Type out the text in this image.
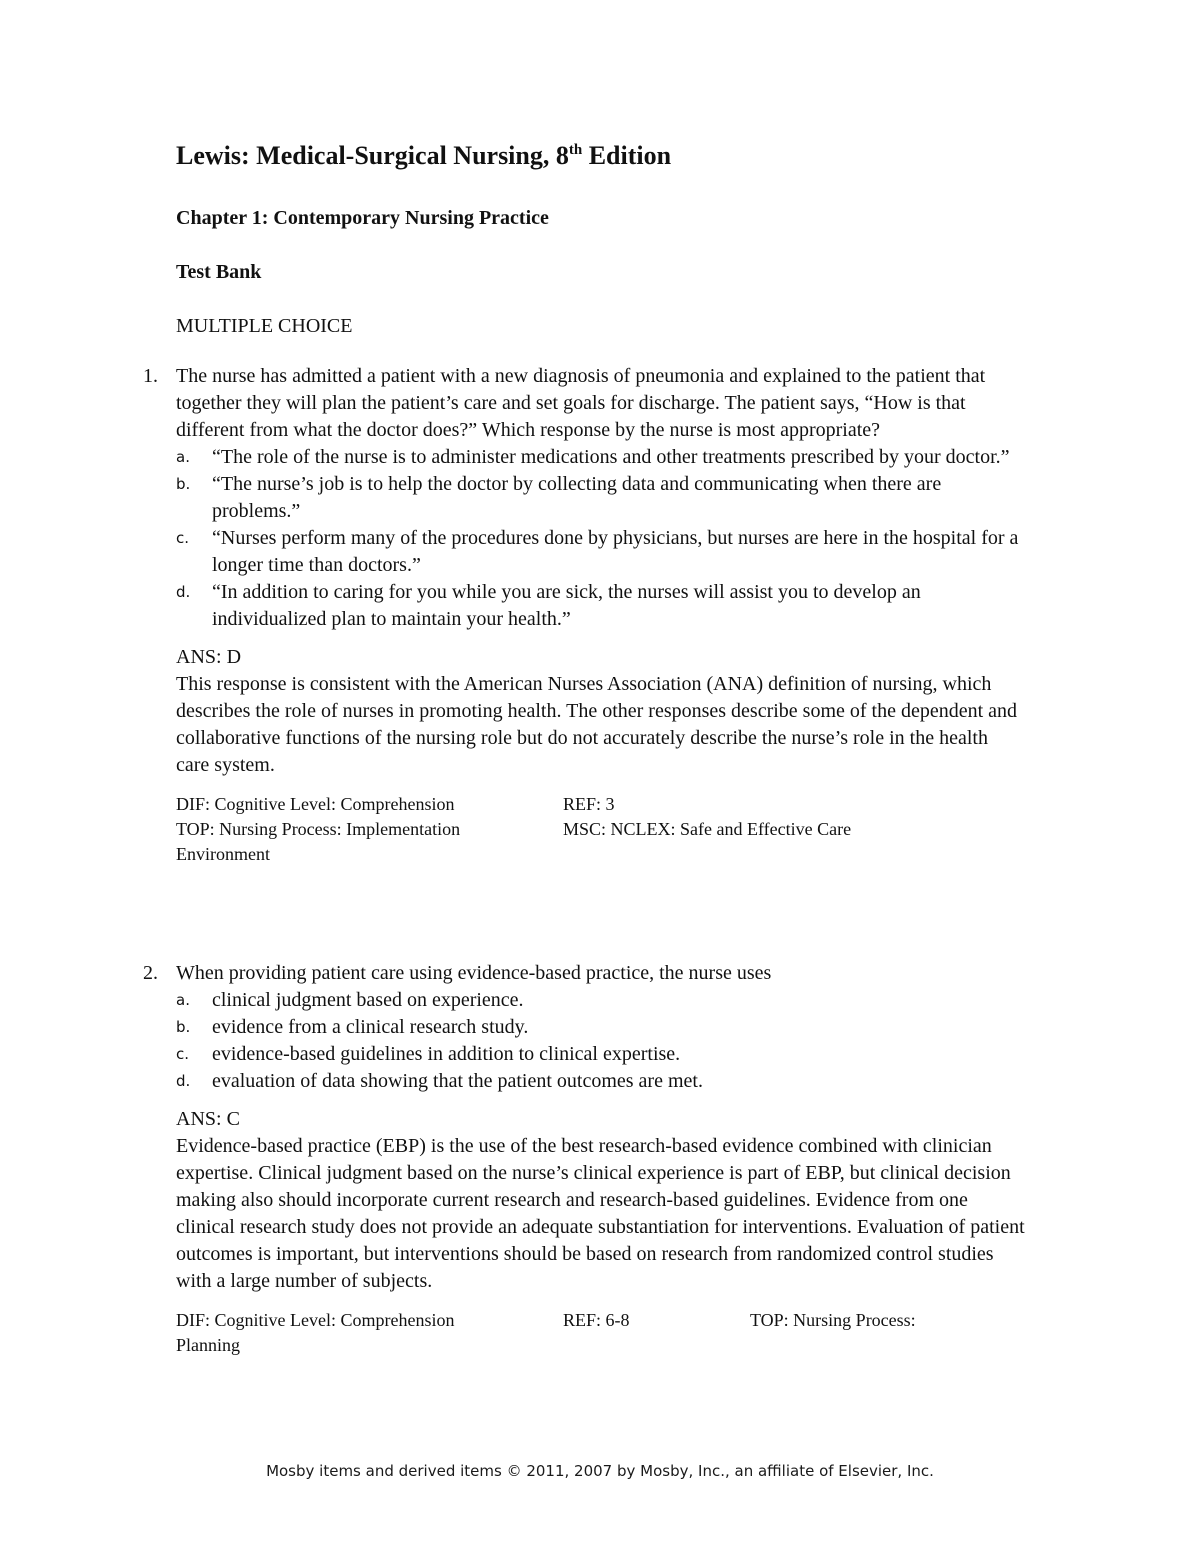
Lewis: Medical-Surgical Nursing, 8th Edition
Chapter 1: Contemporary Nursing Practice
Test Bank
MULTIPLE CHOICE
1. The nurse has admitted a patient with a new diagnosis of pneumonia and explained to the patient that together they will plan the patient’s care and set goals for discharge. The patient says, “How is that different from what the doctor does?” Which response by the nurse is most appropriate?
a. “The role of the nurse is to administer medications and other treatments prescribed by your doctor.”
b. “The nurse’s job is to help the doctor by collecting data and communicating when there are problems.”
c. “Nurses perform many of the procedures done by physicians, but nurses are here in the hospital for a longer time than doctors.”
d. “In addition to caring for you while you are sick, the nurses will assist you to develop an individualized plan to maintain your health.”
ANS: D
This response is consistent with the American Nurses Association (ANA) definition of nursing, which describes the role of nurses in promoting health. The other responses describe some of the dependent and collaborative functions of the nursing role but do not accurately describe the nurse’s role in the health care system.
DIF: Cognitive Level: Comprehension	REF: 3
TOP: Nursing Process: Implementation	MSC: NCLEX: Safe and Effective Care
Environment
2. When providing patient care using evidence-based practice, the nurse uses
a. clinical judgment based on experience.
b. evidence from a clinical research study.
c. evidence-based guidelines in addition to clinical expertise.
d. evaluation of data showing that the patient outcomes are met.
ANS: C
Evidence-based practice (EBP) is the use of the best research-based evidence combined with clinician expertise. Clinical judgment based on the nurse’s clinical experience is part of EBP, but clinical decision making also should incorporate current research and research-based guidelines. Evidence from one clinical research study does not provide an adequate substantiation for interventions. Evaluation of patient outcomes is important, but interventions should be based on research from randomized control studies with a large number of subjects.
DIF: Cognitive Level: Comprehension	REF: 6-8	TOP: Nursing Process:
Planning
Mosby items and derived items © 2011, 2007 by Mosby, Inc., an affiliate of Elsevier, Inc.
